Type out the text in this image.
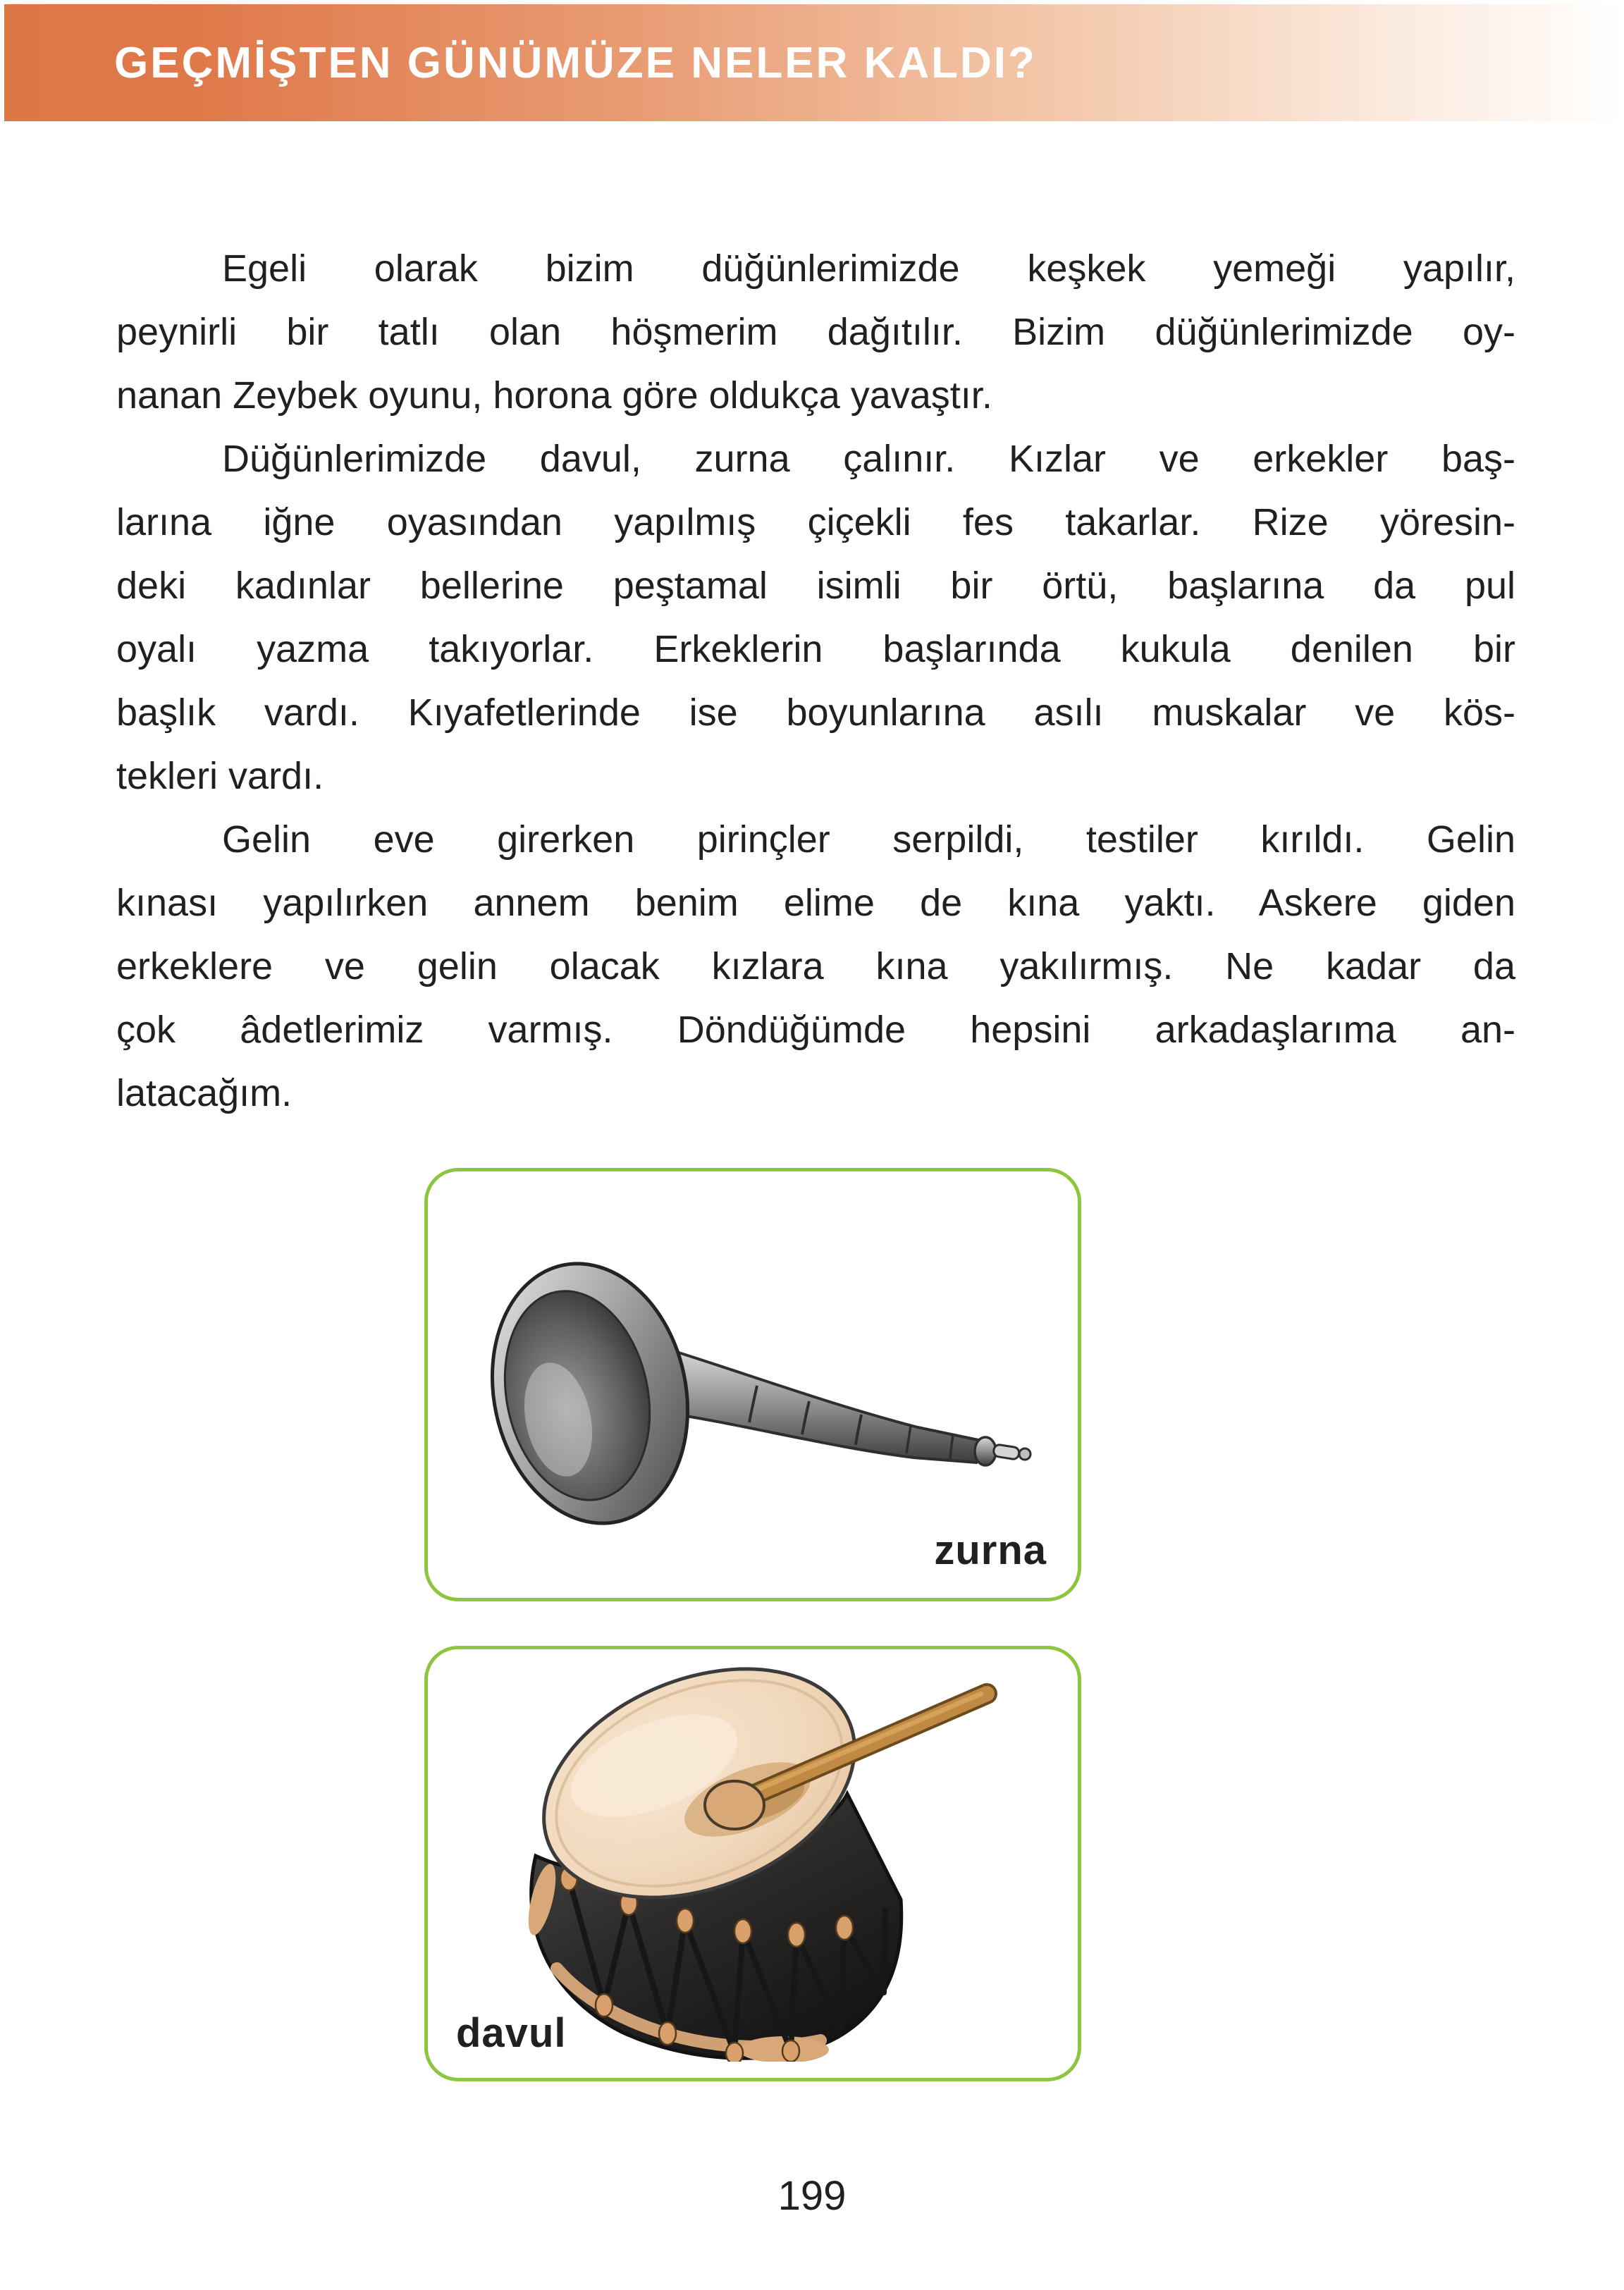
GEÇMİŞTEN GÜNÜMÜZE NELER KALDI?
Egeli olarak bizim düğünlerimizde keşkek yemeği yapılır,
peynirli bir tatlı olan höşmerim dağıtılır. Bizim düğünlerimizde oy-
nanan Zeybek oyunu, horona göre oldukça yavaştır.
Düğünlerimizde davul, zurna çalınır. Kızlar ve erkekler baş-
larına iğne oyasından yapılmış çiçekli fes takarlar. Rize yöresin-
deki kadınlar bellerine peştamal isimli bir örtü, başlarına da pul
oyalı yazma takıyorlar. Erkeklerin başlarında kukula denilen bir
başlık vardı. Kıyafetlerinde ise boyunlarına asılı muskalar ve kös-
tekleri vardı.
Gelin eve girerken pirinçler serpildi, testiler kırıldı. Gelin
kınası yapılırken annem benim elime de kına yaktı. Askere giden
erkeklere ve gelin olacak kızlara kına yakılırmış. Ne kadar da
çok âdetlerimiz varmış. Döndüğümde hepsini arkadaşlarıma an-
latacağım.
zurna
davul
199
